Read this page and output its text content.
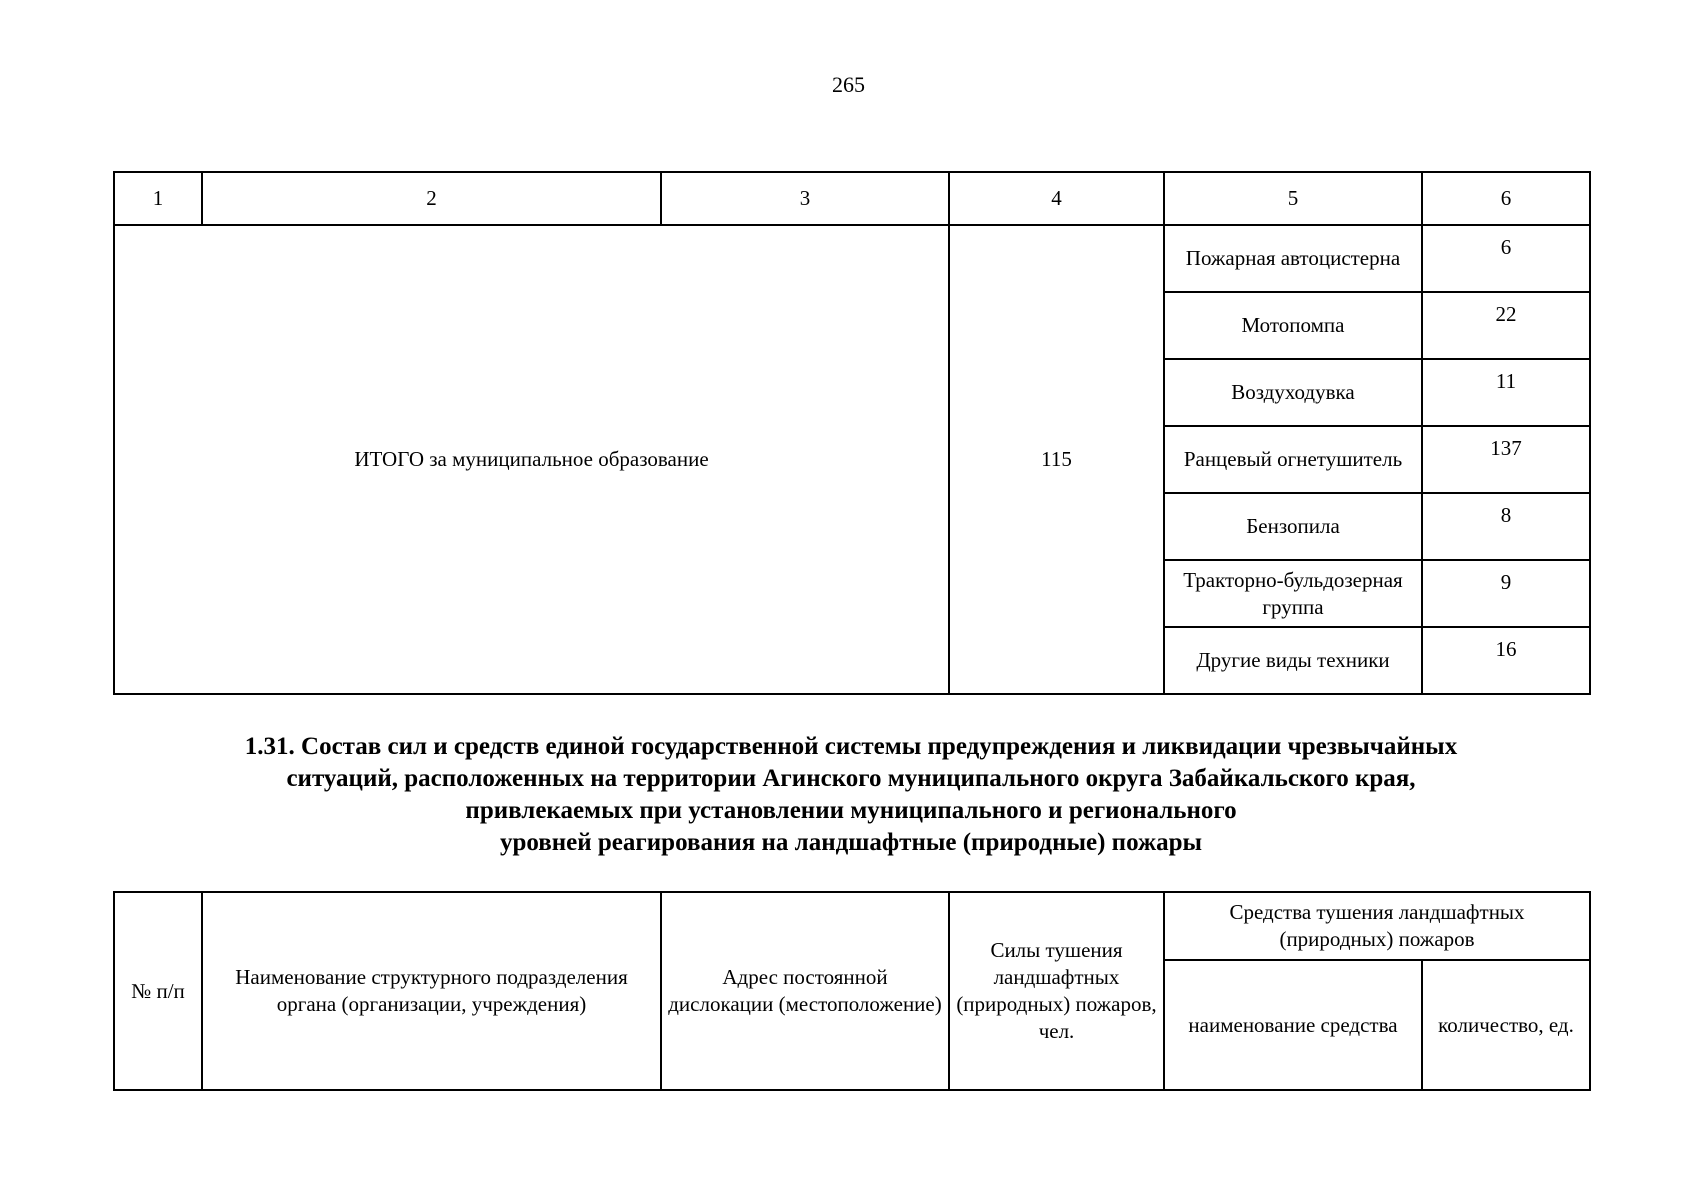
265
1	2	3	4	5	6
ИТОГО за муниципальное образование			115	Пожарная автоцистерна	6
				Мотопомпа	22
				Воздуходувка	11
				Ранцевый огнетушитель	137
				Бензопила	8
				Тракторно-бульдозерная группа	9
				Другие виды техники	16
1.31. Состав сил и средств единой государственной системы предупреждения и ликвидации чрезвычайных
ситуаций, расположенных на территории Агинского муниципального округа Забайкальского края,
привлекаемых при установлении муниципального и регионального
уровней реагирования на ландшафтные (природные) пожары
№ п/п	Наименование структурного подразделения органа (организации, учреждения)	Адрес постоянной дислокации (местоположение)	Силы тушения ландшафтных (природных) пожаров, чел.	Средства тушения ландшафтных (природных) пожаров	
				наименование средства	количество, ед.
